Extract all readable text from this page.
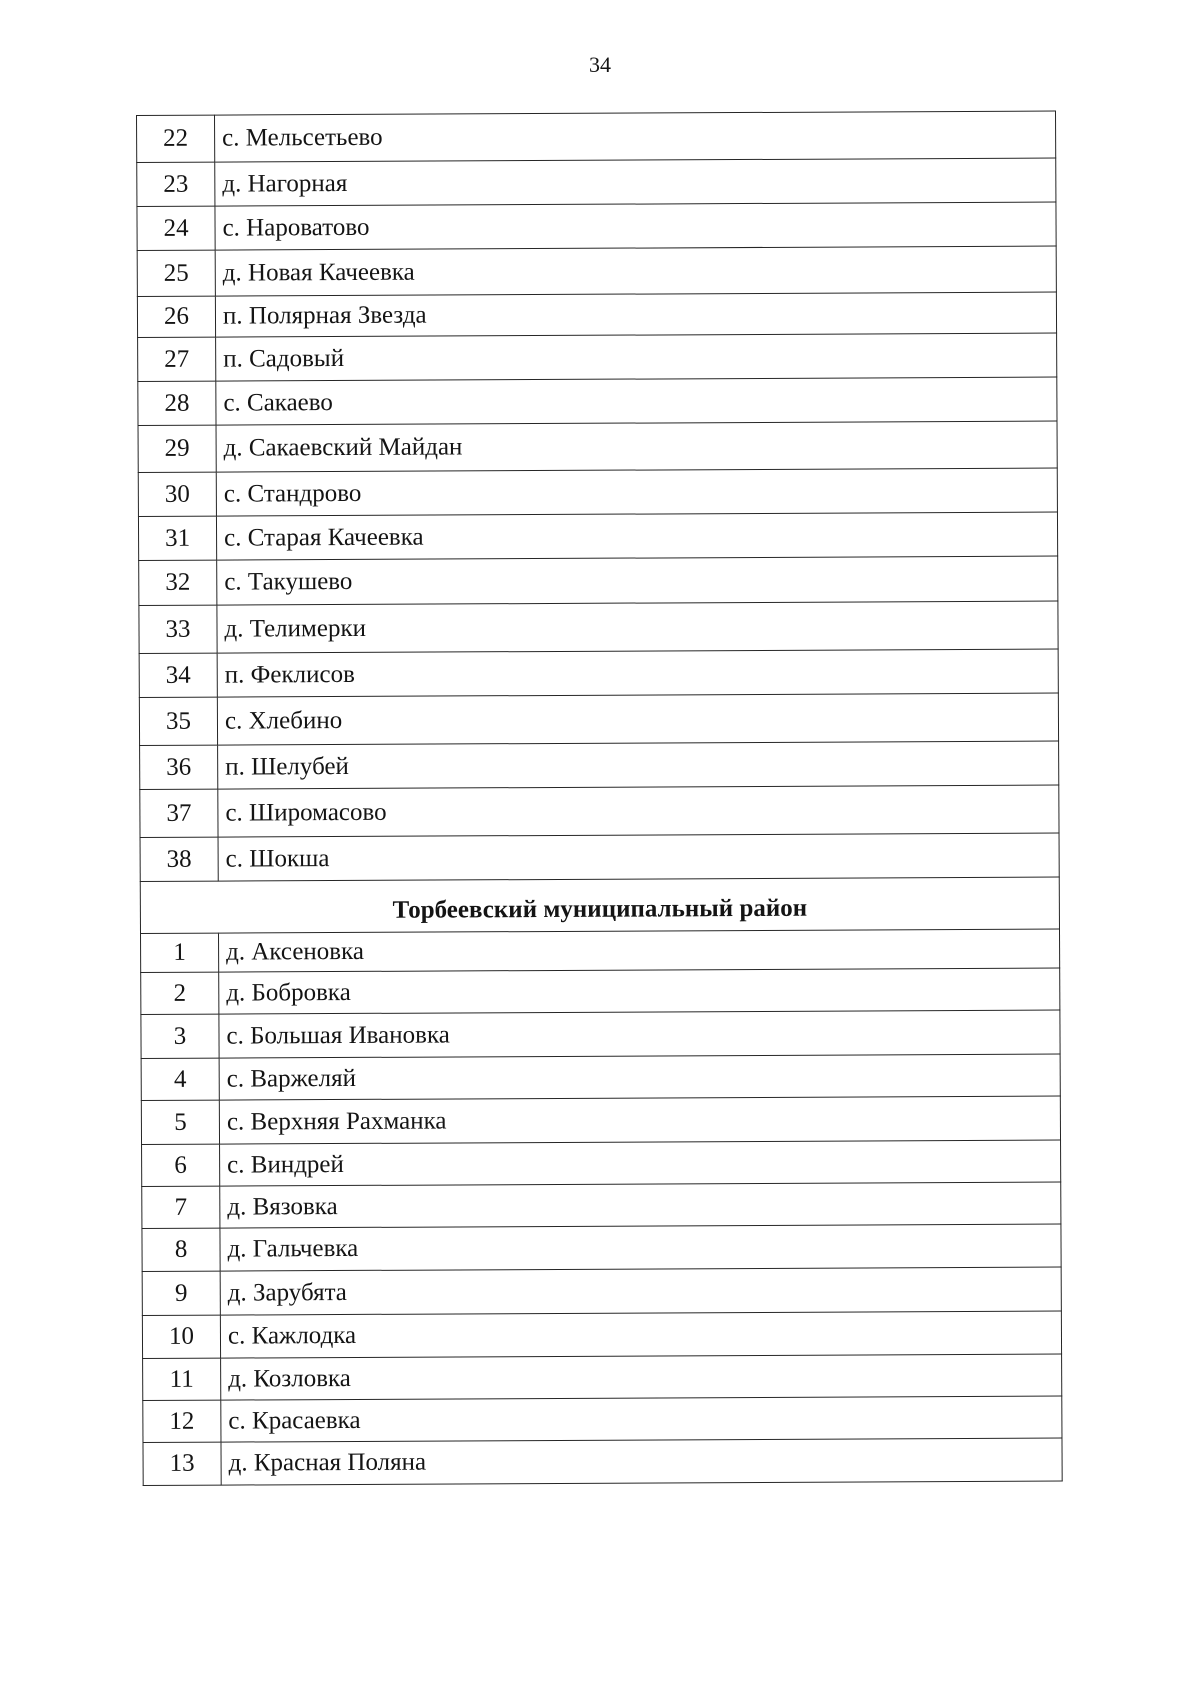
34
22	с. Мельсетьево
23	д. Нагорная
24	с. Нароватово
25	д. Новая Качеевка
26	п. Полярная Звезда
27	п. Садовый
28	с. Сакаево
29	д. Сакаевский Майдан
30	с. Стандрово
31	с. Старая Качеевка
32	с. Такушево
33	д. Телимерки
34	п. Феклисов
35	с. Хлебино
36	п. Шелубей
37	с. Широмасово
38	с. Шокша
Торбеевский муниципальный район	
1	д. Аксеновка
2	д. Бобровка
3	с. Большая Ивановка
4	с. Варжеляй
5	с. Верхняя Рахманка
6	с. Виндрей
7	д. Вязовка
8	д. Гальчевка
9	д. Зарубята
10	с. Кажлодка
11	д. Козловка
12	с. Красаевка
13	д. Красная Поляна
